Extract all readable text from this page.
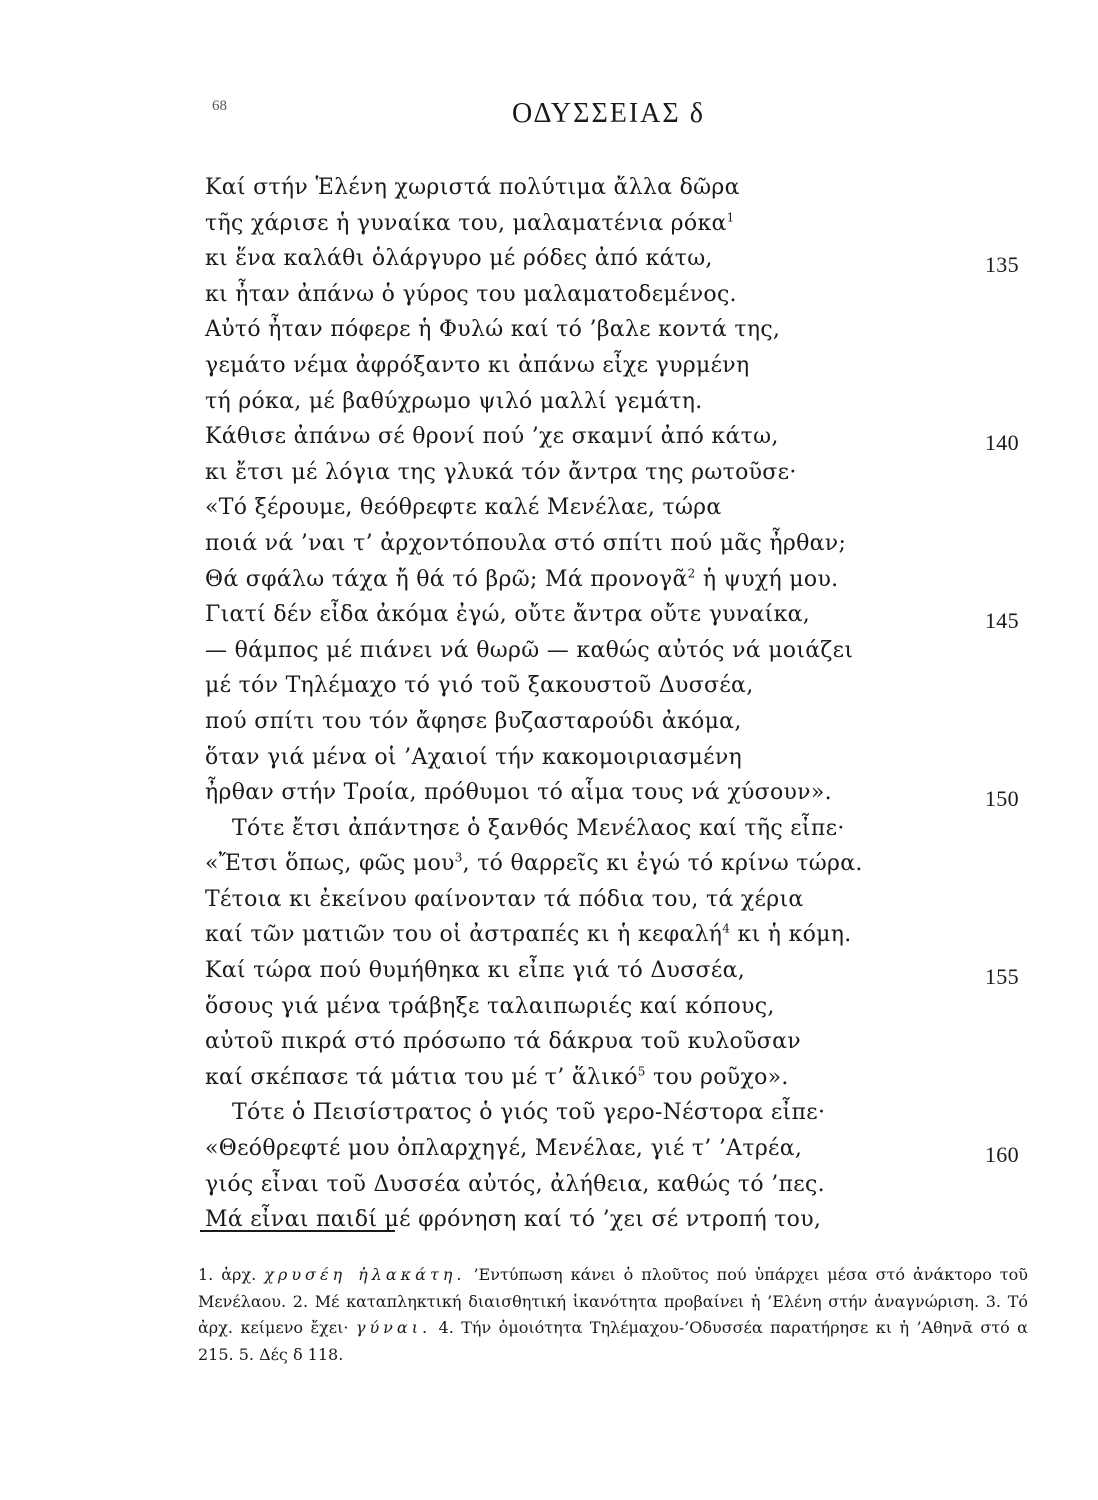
68	ΟΔΥΣΣΕΙΑΣ δ
Καί στήν Ἑλένη χωριστά πολύτιμα ἄλλα δῶρα
τῆς χάρισε ἡ γυναίκα του, μαλαματένια ρόκα$^1$
κι ἕνα καλάθι ὁλάργυρο μέ ρόδες ἀπό κάτω,	135
κι ἦταν ἀπάνω ὁ γύρος του μαλαματοδεμένος.
Αὐτό ἦταν πόφερε ἡ Φυλώ καί τό ’βαλε κοντά της,
γεμάτο νέμα ἀφρόξαντο κι ἀπάνω εἶχε γυρμένη
τή ρόκα, μέ βαθύχρωμο ψιλό μαλλί γεμάτη.
Κάθισε ἀπάνω σέ θρονί πού ’χε σκαμνί ἀπό κάτω,	140
κι ἔτσι μέ λόγια της γλυκά τόν ἄντρα της ρωτοῦσε·
«Τό ξέρουμε, θεόθρεφτε καλέ Μενέλαε, τώρα
ποιά νά ’ναι τ’ ἀρχοντόπουλα στό σπίτι πού μᾶς ἦρθαν;
Θά σφάλω τάχα ἤ θά τό βρῶ; Μά προνογᾶ$^2$ ἡ ψυχή μου.
Γιατί δέν εἶδα ἀκόμα ἐγώ, οὔτε ἄντρα οὔτε γυναίκα,	145
— θάμπος μέ πιάνει νά θωρῶ — καθώς αὐτός νά μοιάζει
μέ τόν Τηλέμαχο τό γιό τοῦ ξακουστοῦ Δυσσέα,
πού σπίτι του τόν ἄφησε βυζασταρούδι ἀκόμα,
ὅταν γιά μένα οἱ ’Αχαιοί τήν κακομοιριασμένη
ἦρθαν στήν Τροία, πρόθυμοι τό αἷμα τους νά χύσουν».	150
Τότε ἔτσι ἀπάντησε ὁ ξανθός Μενέλαος καί τῆς εἶπε·
«Ἔτσι ὅπως, φῶς μου$^3$, τό θαρρεῖς κι ἐγώ τό κρίνω τώρα.
Τέτοια κι ἐκείνου φαίνονταν τά πόδια του, τά χέρια
καί τῶν ματιῶν του οἱ ἀστραπές κι ἡ κεφαλή$^4$ κι ἡ κόμη.
Καί τώρα πού θυμήθηκα κι εἶπε γιά τό Δυσσέα,	155
ὅσους γιά μένα τράβηξε ταλαιπωριές καί κόπους,
αὐτοῦ πικρά στό πρόσωπο τά δάκρυα τοῦ κυλοῦσαν
καί σκέπασε τά μάτια του μέ τ’ ἅλικό$^5$ του ροῦχο».
Τότε ὁ Πεισίστρατος ὁ γιός τοῦ γερο-Νέστορα εἶπε·
«Θεόθρεφτέ μου ὀπλαρχηγέ, Μενέλαε, γιέ τ’ ’Ατρέα,	160
γιός εἶναι τοῦ Δυσσέα αὐτός, ἀλήθεια, καθώς τό ’πες.
Μά εἶναι παιδί μέ φρόνηση καί τό ’χει σέ ντροπή του,
1. ἀρχ. χρυσέη ἠλακάτη. ’Εντύπωση κάνει ὁ πλοῦτος πού ὑπάρχει μέσα στό ἀνάκτορο τοῦ Μενέλαου. 2. Μέ καταπληκτική διαισθητική ἱκανότητα προβαίνει ἡ ’Ελένη στήν ἀναγνώριση. 3. Τό ἀρχ. κείμενο ἔχει· γύναι. 4. Τήν ὁμοιότητα Τηλέμαχου-’Οδυσσέα παρατήρησε κι ἡ ’Αθηνᾶ στό α 215. 5. Δές δ 118.
